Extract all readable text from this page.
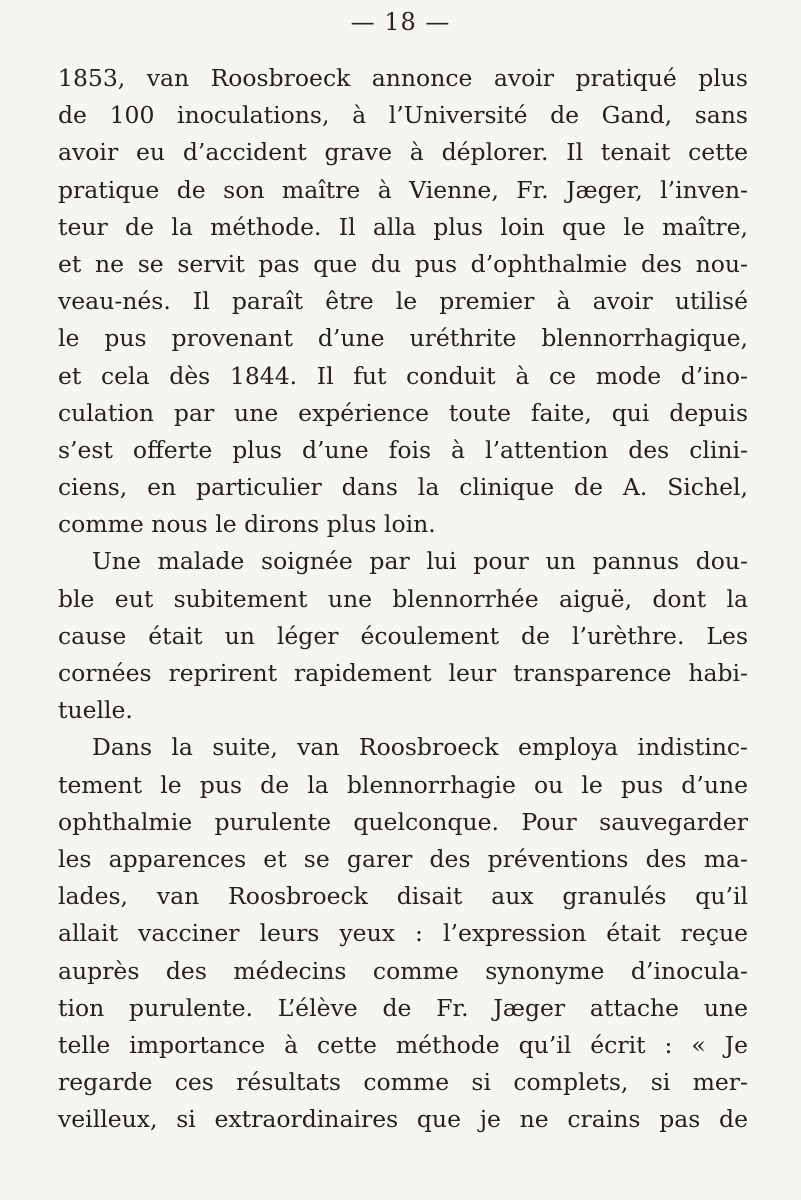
— 18 —
1853, van Roosbroeck annonce avoir pratiqué plus
de 100 inoculations, à l’Université de Gand, sans
avoir eu d’accident grave à déplorer. Il tenait cette
pratique de son maître à Vienne, Fr. Jæger, l’inven-
teur de la méthode. Il alla plus loin que le maître,
et ne se servit pas que du pus d’ophthalmie des nou-
veau-nés. Il paraît être le premier à avoir utilisé
le pus provenant d’une uréthrite blennorrhagique,
et cela dès 1844. Il fut conduit à ce mode d’ino-
culation par une expérience toute faite, qui depuis
s’est offerte plus d’une fois à l’attention des clini-
ciens, en particulier dans la clinique de A. Sichel,
comme nous le dirons plus loin.
Une malade soignée par lui pour un pannus dou-
ble eut subitement une blennorrhée aiguë, dont la
cause était un léger écoulement de l’urèthre. Les
cornées reprirent rapidement leur transparence habi-
tuelle.
Dans la suite, van Roosbroeck employa indistinc-
tement le pus de la blennorrhagie ou le pus d’une
ophthalmie purulente quelconque. Pour sauvegarder
les apparences et se garer des préventions des ma-
lades, van Roosbroeck disait aux granulés qu’il
allait vacciner leurs yeux : l’expression était reçue
auprès des médecins comme synonyme d’inocula-
tion purulente. L’élève de Fr. Jæger attache une
telle importance à cette méthode qu’il écrit : « Je
regarde ces résultats comme si complets, si mer-
veilleux, si extraordinaires que je ne crains pas de
